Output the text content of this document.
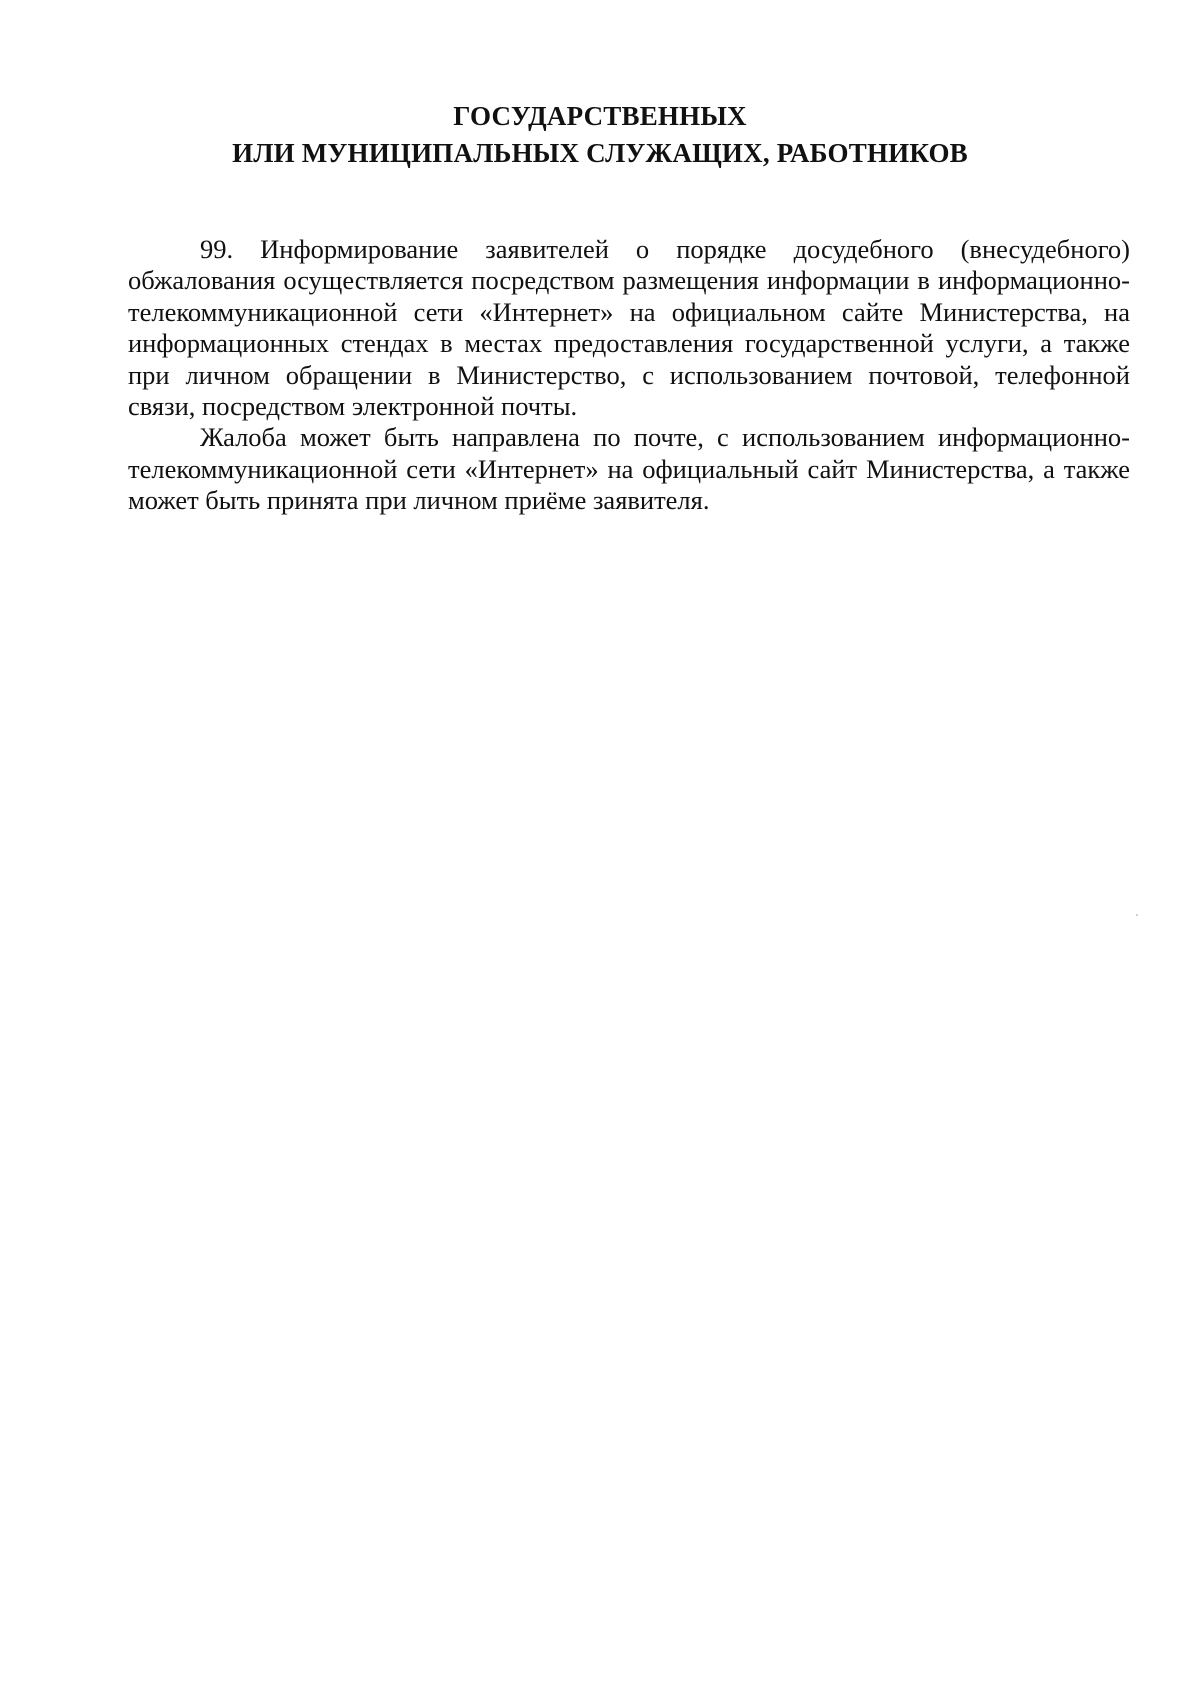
ГОСУДАРСТВЕННЫХ
ИЛИ МУНИЦИПАЛЬНЫХ СЛУЖАЩИХ, РАБОТНИКОВ

99. Информирование заявителей о порядке досудебного (внесудебного) обжалования осуществляется посредством размещения информации в информационно-телекоммуникационной сети «Интернет» на официальном сайте Министерства, на информационных стендах в местах предоставления государственной услуги, а также при личном обращении в Министерство, с использованием почтовой, телефонной связи, посредством электронной почты.

Жалоба может быть направлена по почте, с использованием информационно-телекоммуникационной сети «Интернет» на официальный сайт Министерства, а также может быть принята при личном приёме заявителя.
